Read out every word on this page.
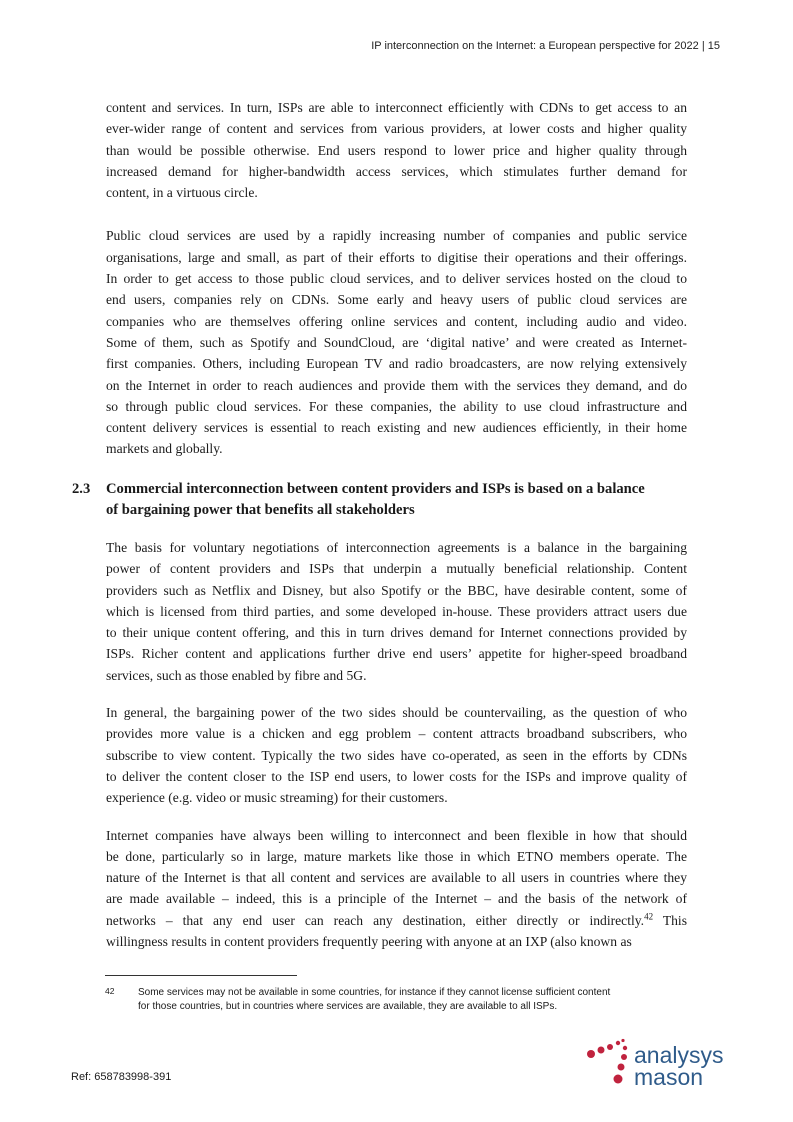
IP interconnection on the Internet: a European perspective for 2022 | 15
content and services. In turn, ISPs are able to interconnect efficiently with CDNs to get access to an
ever-wider range of content and services from various providers, at lower costs and higher quality
than would be possible otherwise. End users respond to lower price and higher quality through
increased demand for higher-bandwidth access services, which stimulates further demand for
content, in a virtuous circle.
Public cloud services are used by a rapidly increasing number of companies and public service
organisations, large and small, as part of their efforts to digitise their operations and their offerings.
In order to get access to those public cloud services, and to deliver services hosted on the cloud to
end users, companies rely on CDNs. Some early and heavy users of public cloud services are
companies who are themselves offering online services and content, including audio and video.
Some of them, such as Spotify and SoundCloud, are ‘digital native’ and were created as Internet-
first companies. Others, including European TV and radio broadcasters, are now relying extensively
on the Internet in order to reach audiences and provide them with the services they demand, and do
so through public cloud services. For these companies, the ability to use cloud infrastructure and
content delivery services is essential to reach existing and new audiences efficiently, in their home
markets and globally.
2.3 Commercial interconnection between content providers and ISPs is based on a balance
of bargaining power that benefits all stakeholders
The basis for voluntary negotiations of interconnection agreements is a balance in the bargaining
power of content providers and ISPs that underpin a mutually beneficial relationship. Content
providers such as Netflix and Disney, but also Spotify or the BBC, have desirable content, some of
which is licensed from third parties, and some developed in-house. These providers attract users due
to their unique content offering, and this in turn drives demand for Internet connections provided by
ISPs. Richer content and applications further drive end users’ appetite for higher-speed broadband
services, such as those enabled by fibre and 5G.
In general, the bargaining power of the two sides should be countervailing, as the question of who
provides more value is a chicken and egg problem – content attracts broadband subscribers, who
subscribe to view content. Typically the two sides have co-operated, as seen in the efforts by CDNs
to deliver the content closer to the ISP end users, to lower costs for the ISPs and improve quality of
experience (e.g. video or music streaming) for their customers.
Internet companies have always been willing to interconnect and been flexible in how that should
be done, particularly so in large, mature markets like those in which ETNO members operate. The
nature of the Internet is that all content and services are available to all users in countries where they
are made available – indeed, this is a principle of the Internet – and the basis of the network of
networks – that any end user can reach any destination, either directly or indirectly.$^{42}$ This
willingness results in content providers frequently peering with anyone at an IXP (also known as
42 Some services may not be available in some countries, for instance if they cannot license sufficient content
for those countries, but in countries where services are available, they are available to all ISPs.
Ref: 658783998-391
analysys
mason
